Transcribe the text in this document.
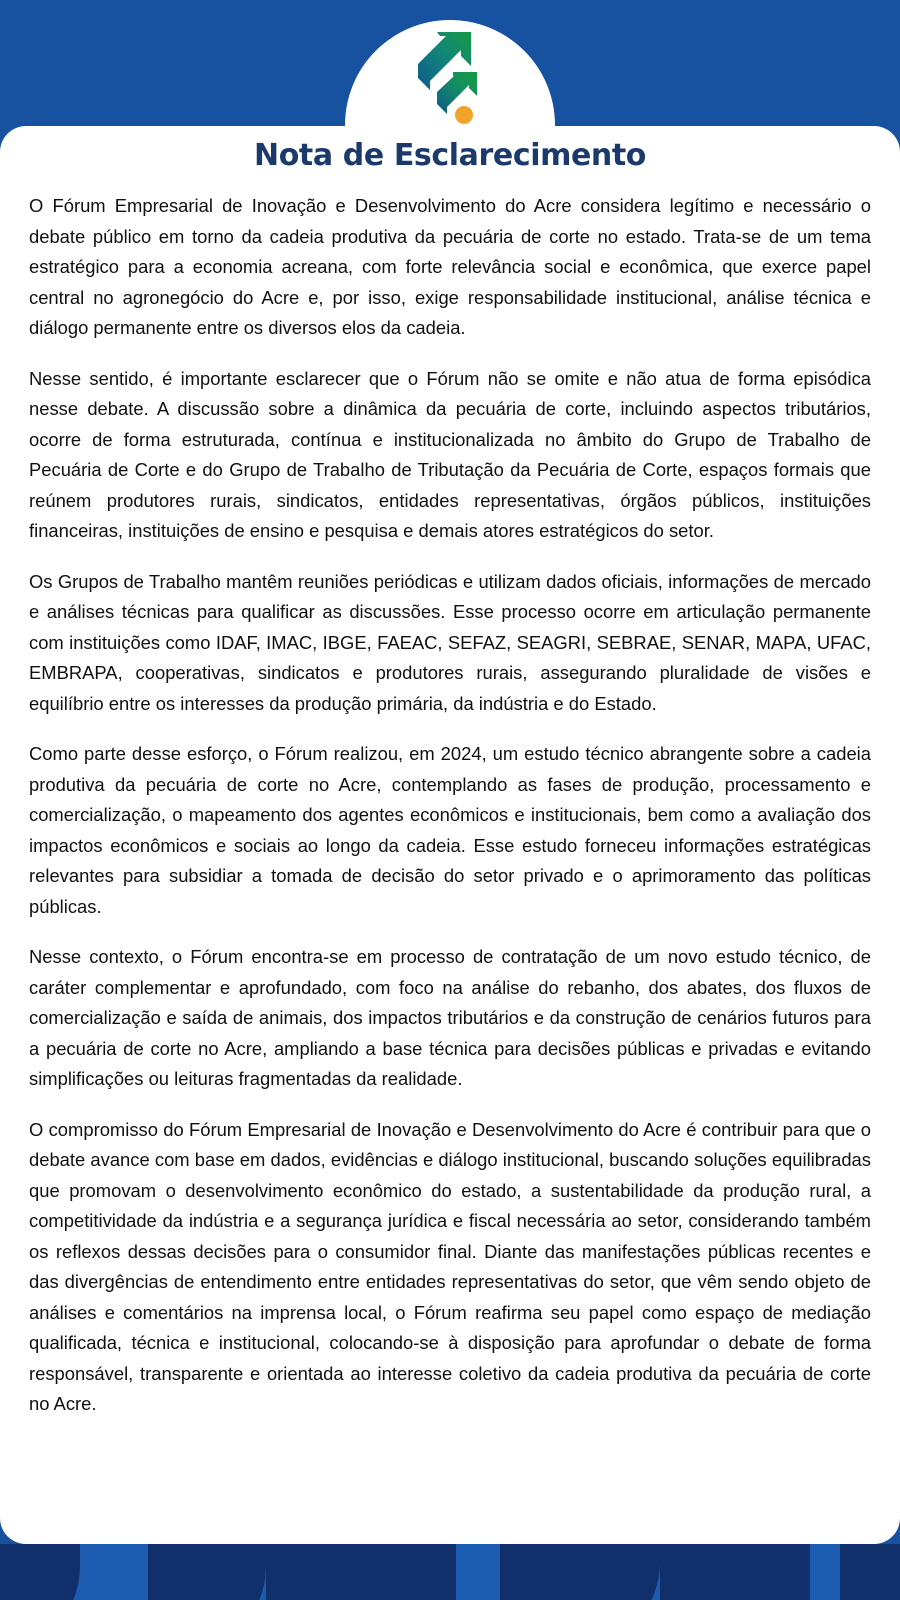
Nota de Esclarecimento

O Fórum Empresarial de Inovação e Desenvolvimento do Acre considera legítimo e necessário o debate público em torno da cadeia produtiva da pecuária de corte no estado. Trata-se de um tema estratégico para a economia acreana, com forte relevância social e econômica, que exerce papel central no agronegócio do Acre e, por isso, exige responsabilidade institucional, análise técnica e diálogo permanente entre os diversos elos da cadeia.

Nesse sentido, é importante esclarecer que o Fórum não se omite e não atua de forma episódica nesse debate. A discussão sobre a dinâmica da pecuária de corte, incluindo aspectos tributários, ocorre de forma estruturada, contínua e institucionalizada no âmbito do Grupo de Trabalho de Pecuária de Corte e do Grupo de Trabalho de Tributação da Pecuária de Corte, espaços formais que reúnem produtores rurais, sindicatos, entidades representativas, órgãos públicos, instituições financeiras, instituições de ensino e pesquisa e demais atores estratégicos do setor.

Os Grupos de Trabalho mantêm reuniões periódicas e utilizam dados oficiais, informações de mercado e análises técnicas para qualificar as discussões. Esse processo ocorre em articulação permanente com instituições como IDAF, IMAC, IBGE, FAEAC, SEFAZ, SEAGRI, SEBRAE, SENAR, MAPA, UFAC, EMBRAPA, cooperativas, sindicatos e produtores rurais, assegurando pluralidade de visões e equilíbrio entre os interesses da produção primária, da indústria e do Estado.

Como parte desse esforço, o Fórum realizou, em 2024, um estudo técnico abrangente sobre a cadeia produtiva da pecuária de corte no Acre, contemplando as fases de produção, processamento e comercialização, o mapeamento dos agentes econômicos e institucionais, bem como a avaliação dos impactos econômicos e sociais ao longo da cadeia. Esse estudo forneceu informações estratégicas relevantes para subsidiar a tomada de decisão do setor privado e o aprimoramento das políticas públicas.

Nesse contexto, o Fórum encontra-se em processo de contratação de um novo estudo técnico, de caráter complementar e aprofundado, com foco na análise do rebanho, dos abates, dos fluxos de comercialização e saída de animais, dos impactos tributários e da construção de cenários futuros para a pecuária de corte no Acre, ampliando a base técnica para decisões públicas e privadas e evitando simplificações ou leituras fragmentadas da realidade.

O compromisso do Fórum Empresarial de Inovação e Desenvolvimento do Acre é contribuir para que o debate avance com base em dados, evidências e diálogo institucional, buscando soluções equilibradas que promovam o desenvolvimento econômico do estado, a sustentabilidade da produção rural, a competitividade da indústria e a segurança jurídica e fiscal necessária ao setor, considerando também os reflexos dessas decisões para o consumidor final. Diante das manifestações públicas recentes e das divergências de entendimento entre entidades representativas do setor, que vêm sendo objeto de análises e comentários na imprensa local, o Fórum reafirma seu papel como espaço de mediação qualificada, técnica e institucional, colocando-se à disposição para aprofundar o debate de forma responsável, transparente e orientada ao interesse coletivo da cadeia produtiva da pecuária de corte no Acre.
